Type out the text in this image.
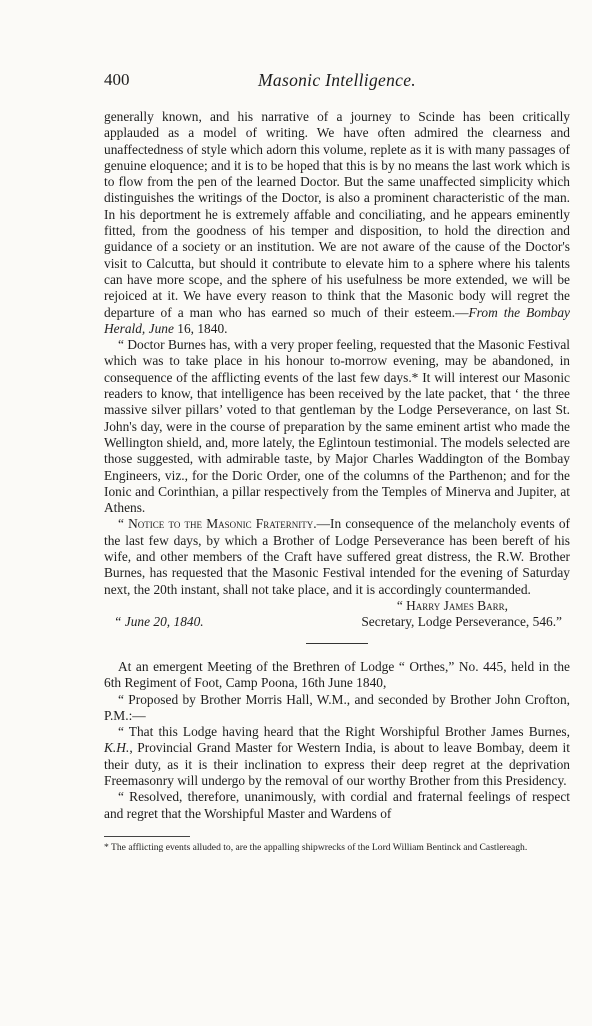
400	Masonic Intelligence.

generally known, and his narrative of a journey to Scinde has been critically applauded as a model of writing. We have often admired the clearness and unaffectedness of style which adorn this volume, replete as it is with many passages of genuine eloquence; and it is to be hoped that this is by no means the last work which is to flow from the pen of the learned Doctor. But the same unaffected simplicity which distinguishes the writings of the Doctor, is also a prominent characteristic of the man. In his deportment he is extremely affable and conciliating, and he appears eminently fitted, from the goodness of his temper and disposition, to hold the direction and guidance of a society or an institution. We are not aware of the cause of the Doctor's visit to Calcutta, but should it contribute to elevate him to a sphere where his talents can have more scope, and the sphere of his usefulness be more extended, we will be rejoiced at it. We have every reason to think that the Masonic body will regret the departure of a man who has earned so much of their esteem.—From the Bombay Herald, June 16, 1840.

“ Doctor Burnes has, with a very proper feeling, requested that the Masonic Festival which was to take place in his honour to-morrow evening, may be abandoned, in consequence of the afflicting events of the last few days.* It will interest our Masonic readers to know, that intelligence has been received by the late packet, that ‘ the three massive silver pillars’ voted to that gentleman by the Lodge Perseverance, on last St. John's day, were in the course of preparation by the same eminent artist who made the Wellington shield, and, more lately, the Eglintoun testimonial. The models selected are those suggested, with admirable taste, by Major Charles Waddington of the Bombay Engineers, viz., for the Doric Order, one of the columns of the Parthenon; and for the Ionic and Corinthian, a pillar respectively from the Temples of Minerva and Jupiter, at Athens.

“ Notice to the Masonic Fraternity.—In consequence of the melancholy events of the last few days, by which a Brother of Lodge Perseverance has been bereft of his wife, and other members of the Craft have suffered great distress, the R.W. Brother Burnes, has requested that the Masonic Festival intended for the evening of Saturday next, the 20th instant, shall not take place, and it is accordingly countermanded.

“ Harry James Barr,
“ June 20, 1840.	Secretary, Lodge Perseverance, 546.”

At an emergent Meeting of the Brethren of Lodge “ Orthes,” No. 445, held in the 6th Regiment of Foot, Camp Poona, 16th June 1840,

“ Proposed by Brother Morris Hall, W.M., and seconded by Brother John Crofton, P.M.:—

“ That this Lodge having heard that the Right Worshipful Brother James Burnes, K.H., Provincial Grand Master for Western India, is about to leave Bombay, deem it their duty, as it is their inclination to express their deep regret at the deprivation Freemasonry will undergo by the removal of our worthy Brother from this Presidency.

“ Resolved, therefore, unanimously, with cordial and fraternal feelings of respect and regret that the Worshipful Master and Wardens of

* The afflicting events alluded to, are the appalling shipwrecks of the Lord William Bentinck and Castlereagh.
